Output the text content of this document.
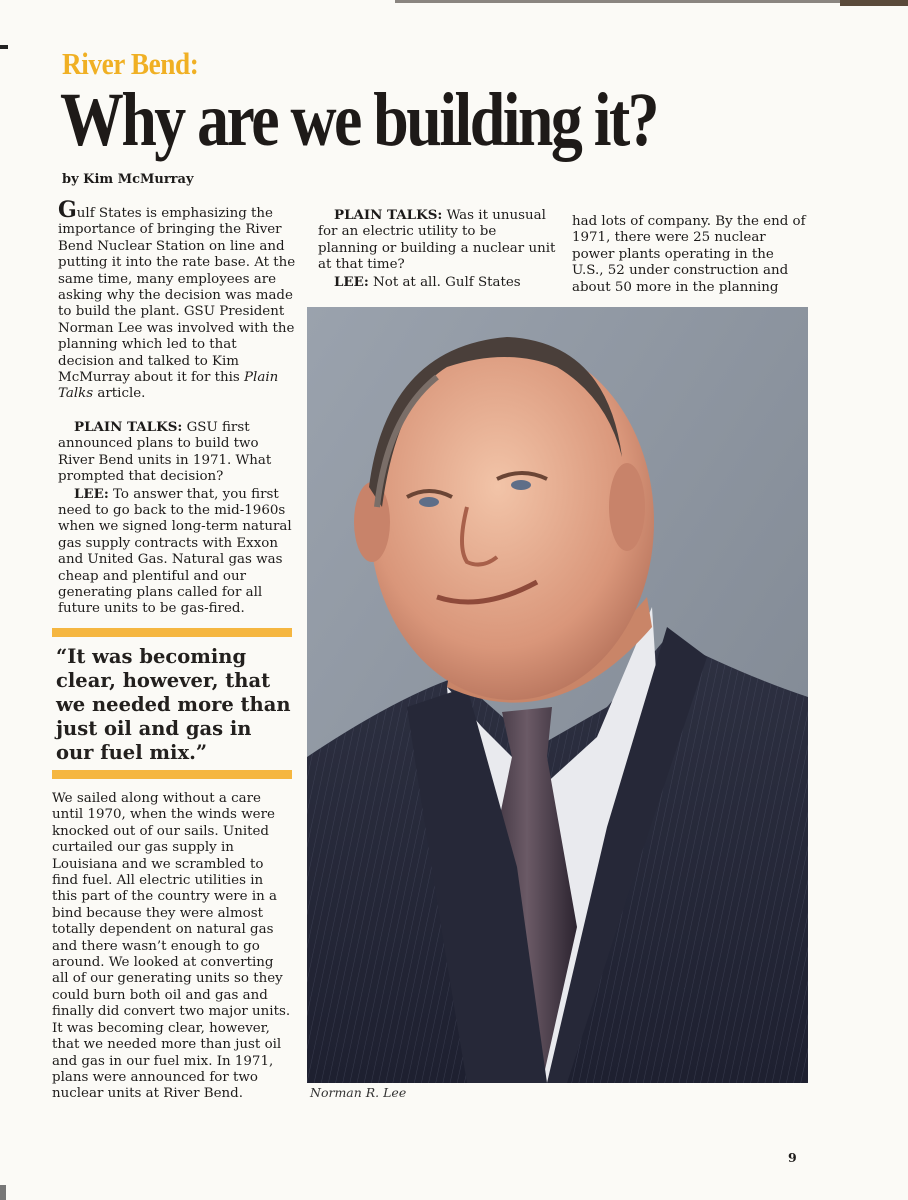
River Bend:
Why are we building it?
by Kim McMurray

Gulf States is emphasizing the importance of bringing the River Bend Nuclear Station on line and putting it into the rate base. At the same time, many employees are asking why the decision was made to build the plant. GSU President Norman Lee was involved with the planning which led to that decision and talked to Kim McMurray about it for this Plain Talks article.

PLAIN TALKS: GSU first announced plans to build two River Bend units in 1971. What prompted that decision?

LEE: To answer that, you first need to go back to the mid-1960s when we signed long-term natural gas supply contracts with Exxon and United Gas. Natural gas was cheap and plentiful and our generating plans called for all future units to be gas-fired.

“It was becoming clear, however, that we needed more than just oil and gas in our fuel mix.”

We sailed along without a care until 1970, when the winds were knocked out of our sails. United curtailed our gas supply in Louisiana and we scrambled to find fuel. All electric utilities in this part of the country were in a bind because they were almost totally dependent on natural gas and there wasn’t enough to go around. We looked at converting all of our generating units so they could burn both oil and gas and finally did convert two major units. It was becoming clear, however, that we needed more than just oil and gas in our fuel mix. In 1971, plans were announced for two nuclear units at River Bend.

PLAIN TALKS: Was it unusual for an electric utility to be planning or building a nuclear unit at that time?

LEE: Not at all. Gulf States

had lots of company. By the end of 1971, there were 25 nuclear power plants operating in the U.S., 52 under construction and about 50 more in the planning

Norman R. Lee
9
